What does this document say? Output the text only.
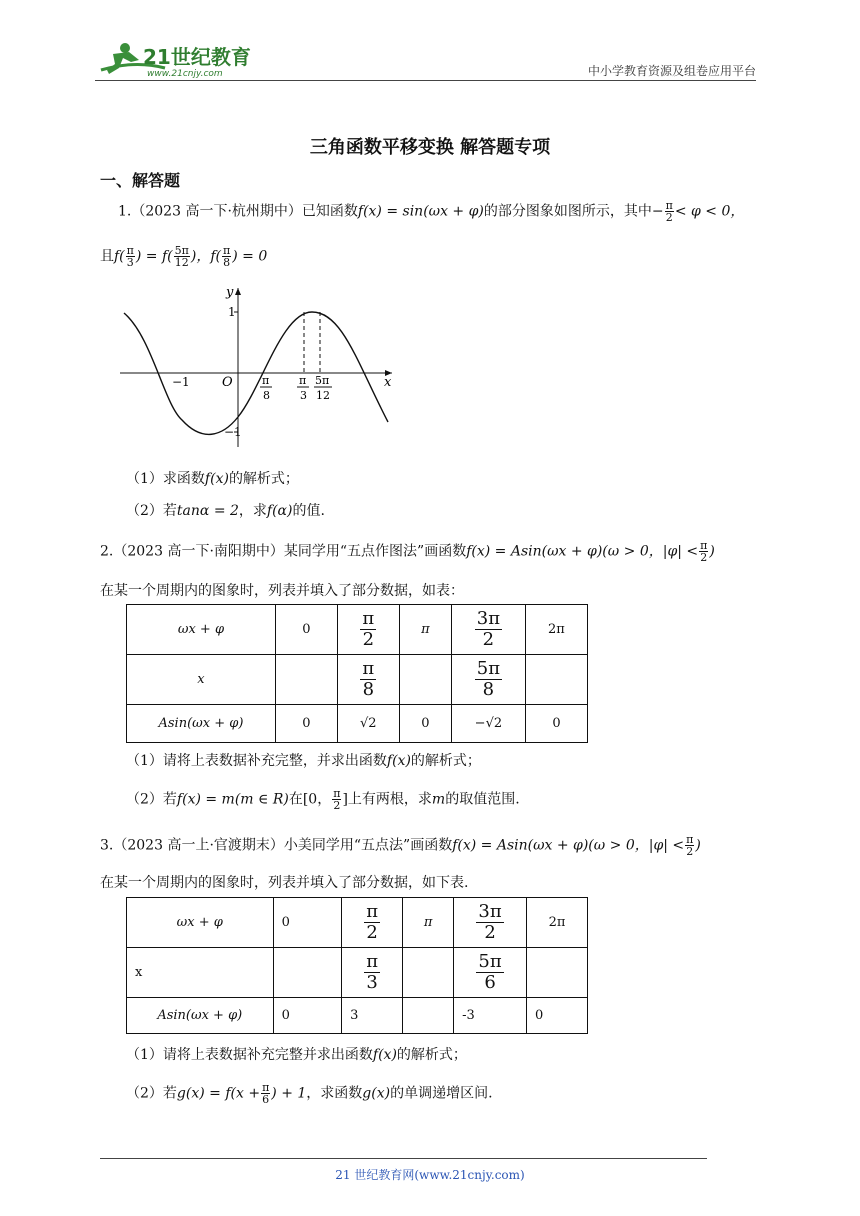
21世纪教育
www.21cnjy.com	中小学教育资源及组卷应用平台
三角函数平移变换 解答题专项
一、解答题
1.（2023 高一下·杭州期中）已知函数f(x) = sin(ωx + φ)的部分图象如图所示，其中− $\frac{\pi}{2} < \varphi < 0$，
且$f( \frac{\pi}{3}$ ) = $f( \frac{5\pi}{12}$ )，$f( \frac{\pi}{8}$ ) = 0
y
x
O
1
−1
−1	π
8
π
3
5π
12
（1）求函数f(x)的解析式；
（2）若tanα = 2，求f(α)的值.
2.（2023 高一下·南阳期中）某同学用“五点作图法”画函数f(x) = Asin(ωx + φ)(ω > 0，$|\varphi| < \frac{\pi}{2}$ )
在某一个周期内的图象时，列表并填入了部分数据，如表：
ωx + φ	0	$\frac{\pi}{2}$	π	$\frac{3\pi}{2}$	2π
x		$\frac{\pi}{8}$		$\frac{5\pi}{8}$

Asin(ωx + φ)	0	√2	0	−√2	0
（1）请将上表数据补充完整，并求出函数f(x)的解析式；
（2）若f(x) = m(m ∈ R)在[0， $\frac{\pi}{2}$ ]上有两根，求m的取值范围.
3.（2023 高一上·官渡期末）小美同学用“五点法”画函数f(x) = Asin(ωx + φ)(ω > 0，$|\varphi| < \frac{\pi}{2}$ )
在某一个周期内的图象时，列表并填入了部分数据，如下表.
ωx + φ	0	$\frac{\pi}{2}$	π	$\frac{3\pi}{2}$	2π
x		$\frac{\pi}{3}$		$\frac{5\pi}{6}$

Asin(ωx + φ)	0	3		-3	0
（1）请将上表数据补充完整并求出函数f(x)的解析式；
（2）若$g(x) = f(x + \frac{\pi}{6}$ ) + 1，求函数g(x)的单调递增区间.
21 世纪教育网(www.21cnjy.com)
